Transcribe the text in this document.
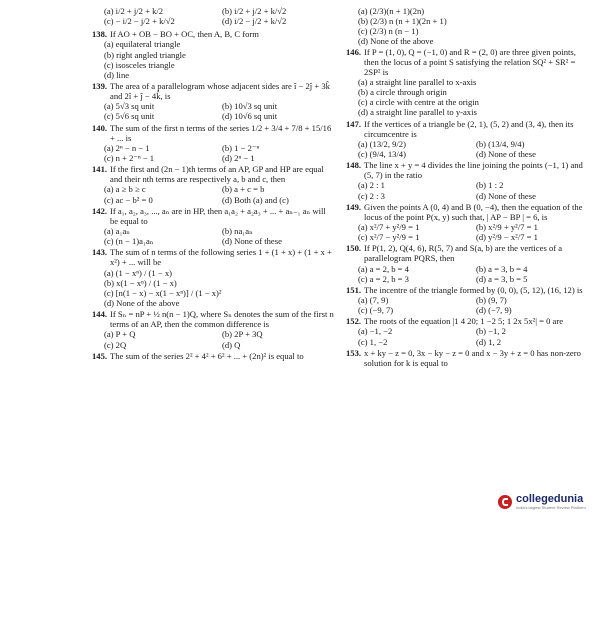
(a) i/2 + j/2 + k/2	(b) i/2 + j/2 + k/√2
(c) − i/2 − j/2 + k/√2	(d) i/2 − j/2 + k/√2
138. If AO + OB − BO + OC, then A, B, C form
(a) equilateral triangle
(b) right angled triangle
(c) isosceles triangle
(d) line
139. The area of a parallelogram whose adjacent sides are î − 2ĵ + 3k̂ and 2î + ĵ − 4k̂, is
(a) 5√3 sq unit	(b) 10√3 sq unit
(c) 5√6 sq unit	(d) 10√6 sq unit
140. The sum of the first n terms of the series 1/2 + 3/4 + 7/8 + 15/16 + ... is
(a) 2ⁿ − n − 1	(b) 1 − 2⁻ⁿ
(c) n + 2⁻ⁿ − 1	(d) 2ⁿ − 1
141. If the first and (2n − 1)th terms of an AP, GP and HP are equal and their nth terms are respectively a, b and c, then
(a) a ≥ b ≥ c	(b) a + c = b
(c) ac − b² = 0	(d) Both (a) and (c)
142. If a₁, a₂, a₃, ..., aₙ are in HP, then a₁a₂ + a₂a₃ + ... + aₙ₋₁ aₙ will be equal to
(a) a₁aₙ	(b) na₁aₙ
(c) (n − 1)a₁aₙ	(d) None of these
143. The sum of n terms of the following series 1 + (1 + x) + (1 + x + x²) + ... will be
(a) (1 − xⁿ) / (1 − x)
(b) x(1 − xⁿ) / (1 − x)
(c) [n(1 − x) − x(1 − xⁿ)] / (1 − x)²
(d) None of the above
144. If Sₙ = nP + ½ n(n − 1)Q, where Sₙ denotes the sum of the first n terms of an AP, then the common difference is
(a) P + Q	(b) 2P + 3Q
(c) 2Q	(d) Q
145. The sum of the series 2² + 4² + 6² + ... + (2n)² is equal to
(a) (2/3)(n + 1)(2n)
(b) (2/3) n (n + 1)(2n + 1)
(c) (2/3) n (n − 1)
(d) None of the above
146. If P = (1, 0), Q = (−1, 0) and R = (2, 0) are three given points, then the locus of a point S satisfying the relation SQ² + SR² = 2SP² is
(a) a straight line parallel to x-axis
(b) a circle through origin
(c) a circle with centre at the origin
(d) a straight line parallel to y-axis
147. If the vertices of a triangle be (2, 1), (5, 2) and (3, 4), then its circumcentre is
(a) (13/2, 9/2)	(b) (13/4, 9/4)
(c) (9/4, 13/4)	(d) None of these
148. The line x + y = 4 divides the line joining the points (−1, 1) and (5, 7) in the ratio
(a) 2 : 1	(b) 1 : 2
(c) 2 : 3	(d) None of these
149. Given the points A (0, 4) and B (0, −4), then the equation of the locus of the point P(x, y) such that, | AP − BP | = 6, is
(a) x²/7 + y²/9 = 1	(b) x²/9 + y²/7 = 1
(c) x²/7 − y²/9 = 1	(d) y²/9 − x²/7 = 1
150. If P(1, 2), Q(4, 6), R(5, 7) and S(a, b) are the vertices of a parallelogram PQRS, then
(a) a = 2, b = 4	(b) a = 3, b = 4
(c) a = 2, b = 3	(d) a = 3, b = 5
151. The incentre of the triangle formed by (0, 0), (5, 12), (16, 12) is
(a) (7, 9)	(b) (9, 7)
(c) (−9, 7)	(d) (−7, 9)
152. The roots of the equation |1 4 20; 1 −2 5; 1 2x 5x²| = 0 are
(a) −1, −2	(b) −1, 2
(c) 1, −2	(d) 1, 2
153. x + ky − z = 0, 3x − ky − z = 0 and x − 3y + z = 0 has non-zero solution for k is equal to
collegedunia
India's largest Student Review Platform
